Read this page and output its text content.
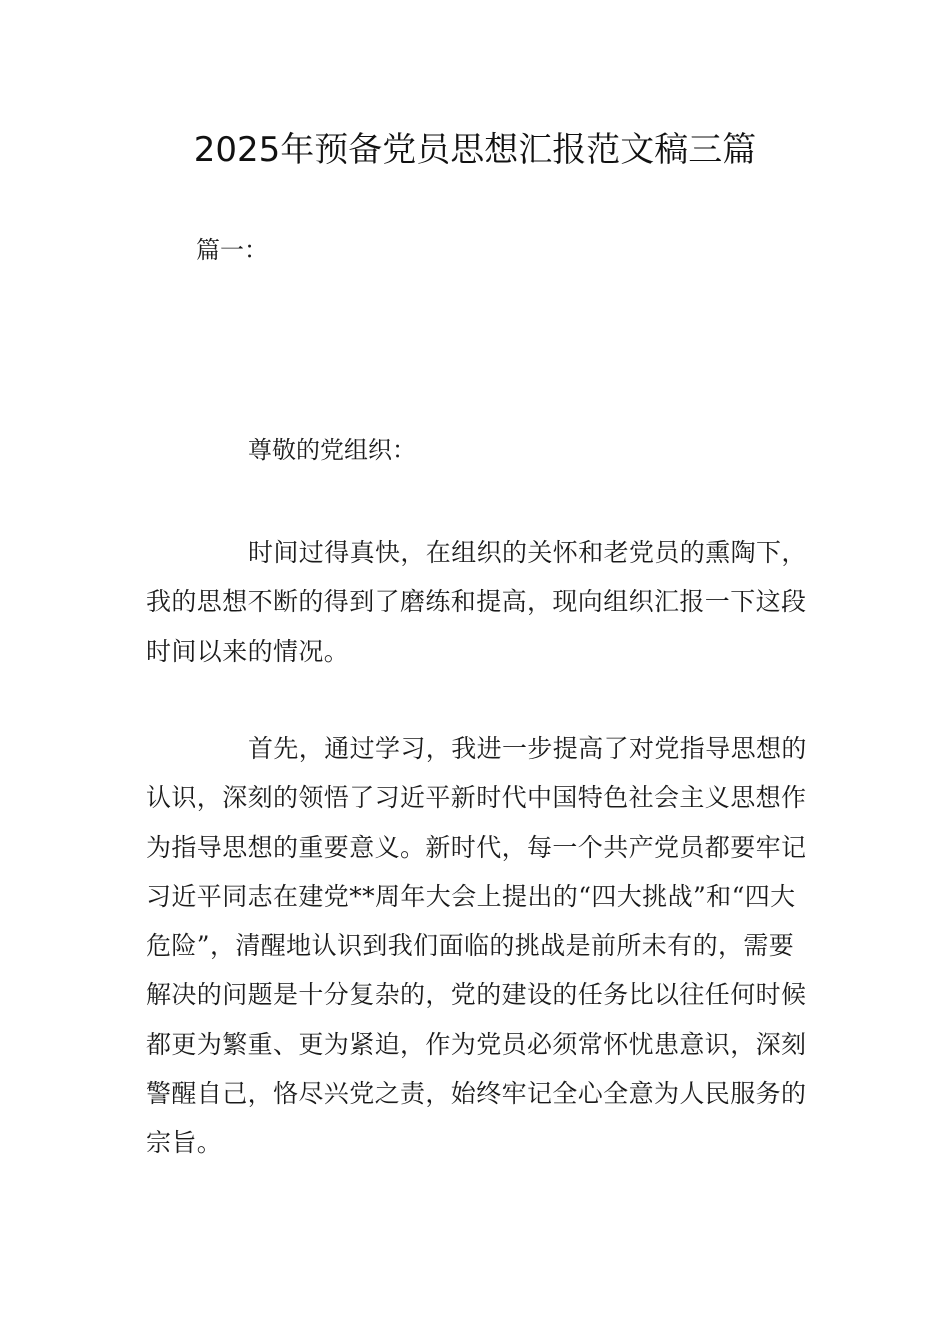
2025年预备党员思想汇报范文稿三篇

篇一：

尊敬的党组织：

时间过得真快，在组织的关怀和老党员的熏陶下，我的思想不断的得到了磨练和提高，现向组织汇报一下这段时间以来的情况。

首先，通过学习，我进一步提高了对党指导思想的认识，深刻的领悟了习近平新时代中国特色社会主义思想作为指导思想的重要意义。新时代，每一个共产党员都要牢记习近平同志在建党**周年大会上提出的“四大挑战”和“四大危险”，清醒地认识到我们面临的挑战是前所未有的，需要解决的问题是十分复杂的，党的建设的任务比以往任何时候都更为繁重、更为紧迫，作为党员必须常怀忧患意识，深刻警醒自己，恪尽兴党之责，始终牢记全心全意为人民服务的宗旨。
